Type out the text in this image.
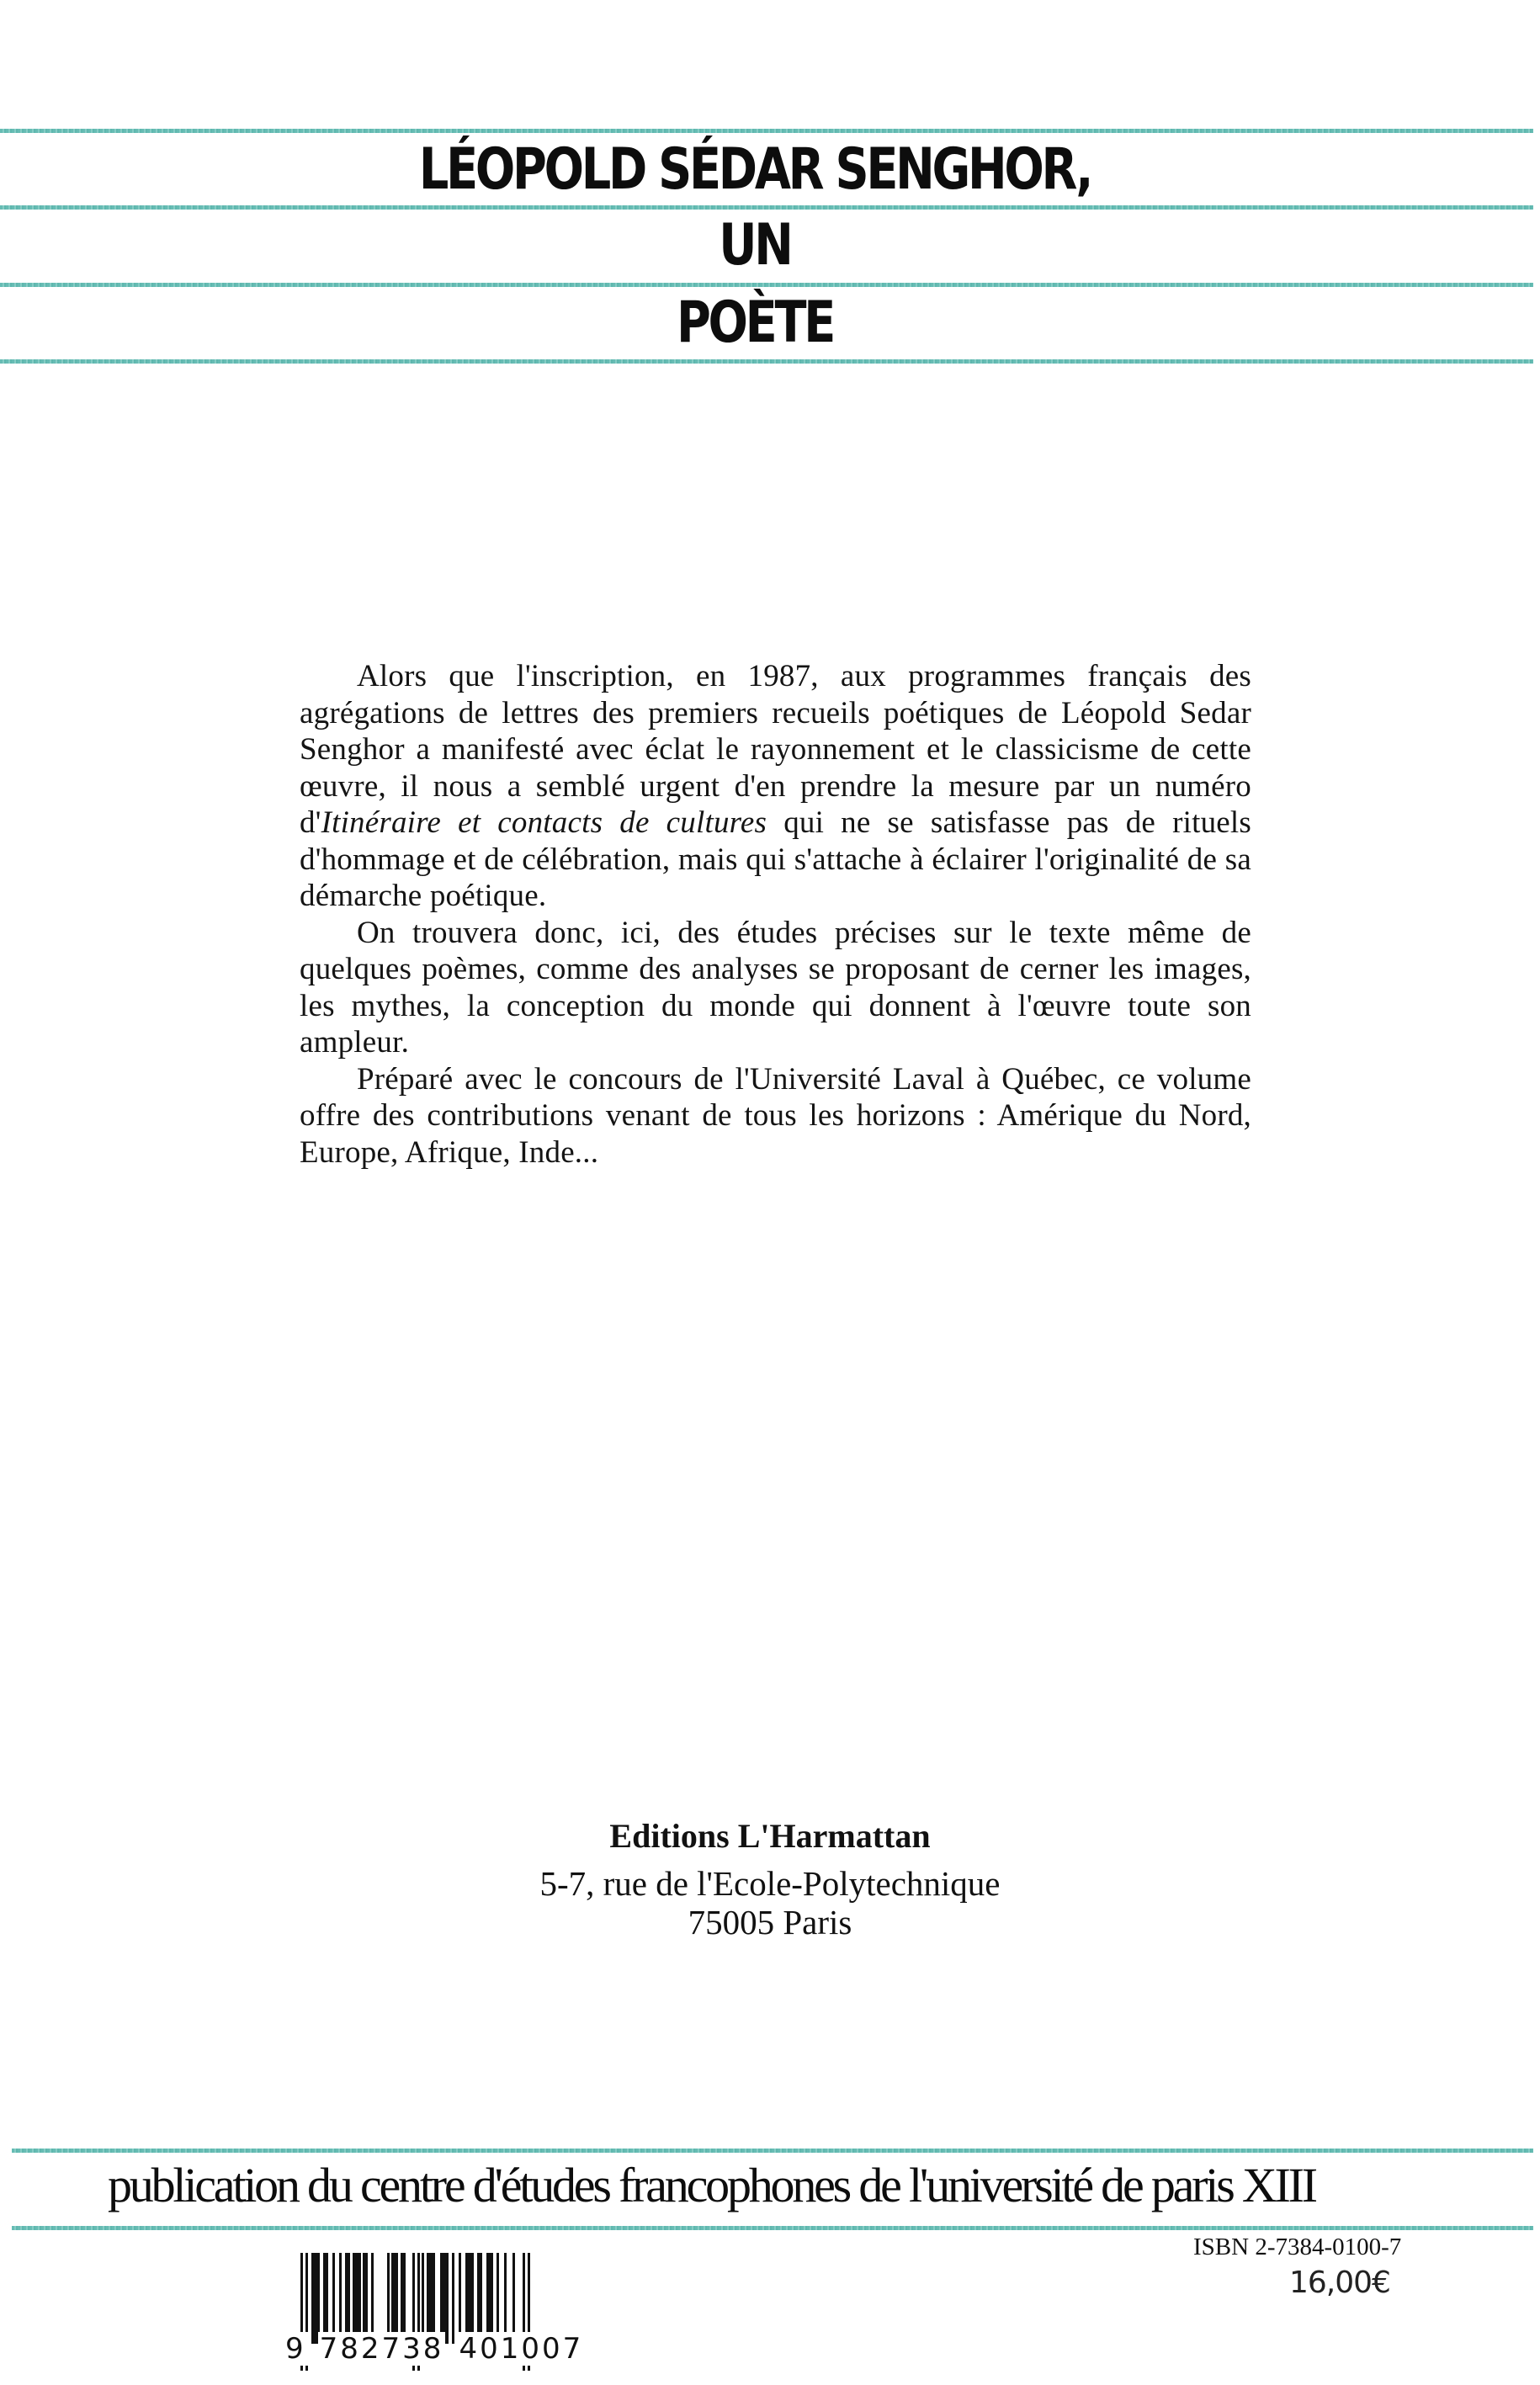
LÉOPOLD SÉDAR SENGHOR,
UN
POÈTE

Alors que l'inscription, en 1987, aux programmes français des agrégations de lettres des premiers recueils poétiques de Léopold Sedar Senghor a manifesté avec éclat le rayonnement et le classicisme de cette œuvre, il nous a semblé urgent d'en prendre la mesure par un numéro d'Itinéraire et contacts de cultures qui ne se satisfasse pas de rituels d'hommage et de célébration, mais qui s'attache à éclairer l'originalité de sa démarche poétique.

On trouvera donc, ici, des études précises sur le texte même de quelques poèmes, comme des analyses se proposant de cerner les images, les mythes, la conception du monde qui donnent à l'œuvre toute son ampleur.

Préparé avec le concours de l'Université Laval à Québec, ce volume offre des contributions venant de tous les horizons : Amérique du Nord, Europe, Afrique, Inde...

Editions L'Harmattan
5-7, rue de l'Ecole-Polytechnique
75005 Paris
publication du centre d'études francophones de l'université de paris XIII
9 782738 401007
ISBN 2-7384-0100-7
16,00€
